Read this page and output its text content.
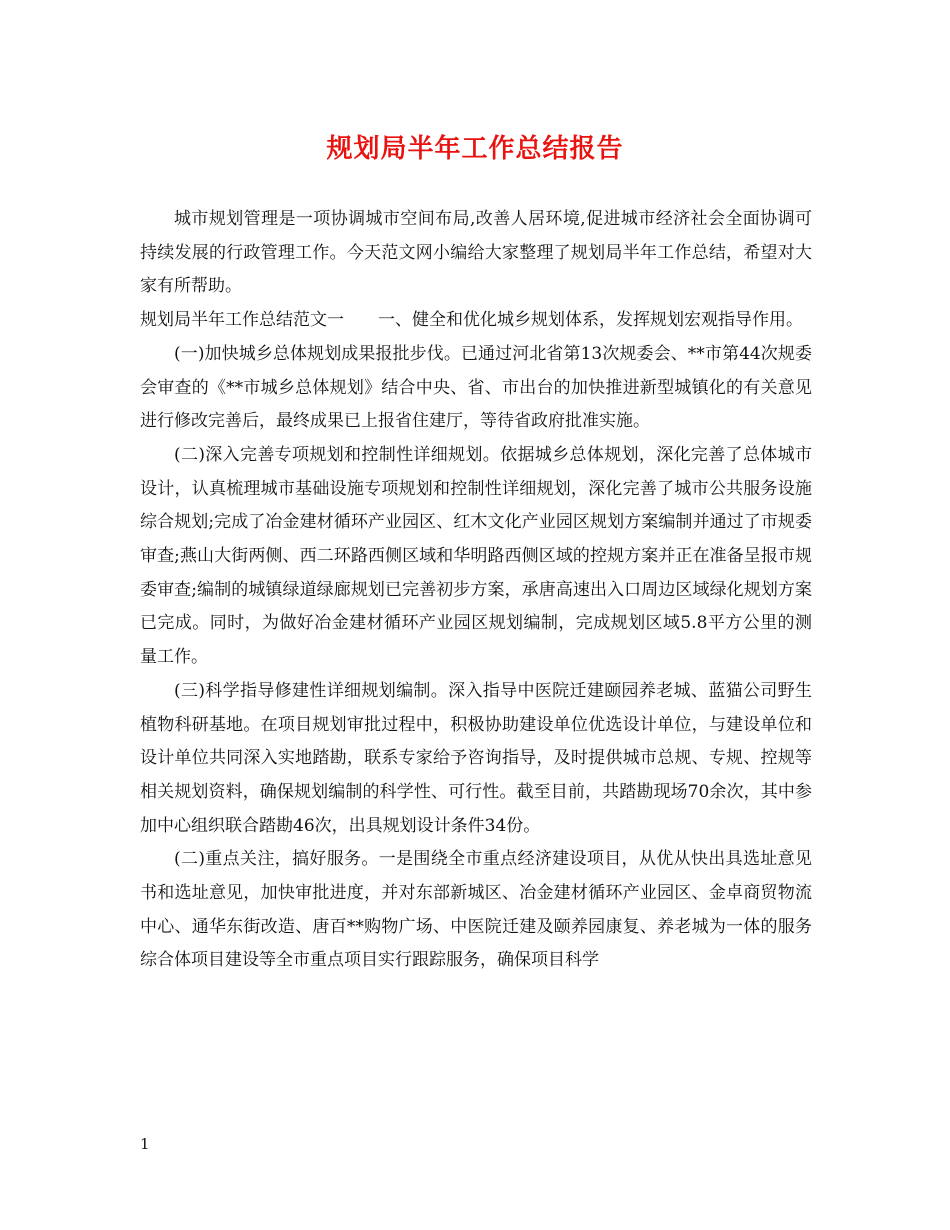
规划局半年工作总结报告

城市规划管理是一项协调城市空间布局,改善人居环境,促进城市经济社会全面协调可持续发展的行政管理工作。今天范文网小编给大家整理了规划局半年工作总结，希望对大家有所帮助。

规划局半年工作总结范文一　　一、健全和优化城乡规划体系，发挥规划宏观指导作用。

(一)加快城乡总体规划成果报批步伐。已通过河北省第13次规委会、**市第44次规委会审查的《**市城乡总体规划》结合中央、省、市出台的加快推进新型城镇化的有关意见进行修改完善后，最终成果已上报省住建厅，等待省政府批准实施。

(二)深入完善专项规划和控制性详细规划。依据城乡总体规划，深化完善了总体城市设计，认真梳理城市基础设施专项规划和控制性详细规划，深化完善了城市公共服务设施综合规划;完成了冶金建材循环产业园区、红木文化产业园区规划方案编制并通过了市规委审查;燕山大街两侧、西二环路西侧区域和华明路西侧区域的控规方案并正在准备呈报市规委审查;编制的城镇绿道绿廊规划已完善初步方案，承唐高速出入口周边区域绿化规划方案已完成。同时，为做好冶金建材循环产业园区规划编制，完成规划区域5.8平方公里的测量工作。

(三)科学指导修建性详细规划编制。深入指导中医院迁建颐园养老城、蓝猫公司野生植物科研基地。在项目规划审批过程中，积极协助建设单位优选设计单位，与建设单位和设计单位共同深入实地踏勘，联系专家给予咨询指导，及时提供城市总规、专规、控规等相关规划资料，确保规划编制的科学性、可行性。截至目前，共踏勘现场70余次，其中参加中心组织联合踏勘46次，出具规划设计条件34份。

(二)重点关注，搞好服务。一是围绕全市重点经济建设项目，从优从快出具选址意见书和选址意见，加快审批进度，并对东部新城区、冶金建材循环产业园区、金卓商贸物流中心、通华东街改造、唐百**购物广场、中医院迁建及颐养园康复、养老城为一体的服务综合体项目建设等全市重点项目实行跟踪服务，确保项目科学

1
